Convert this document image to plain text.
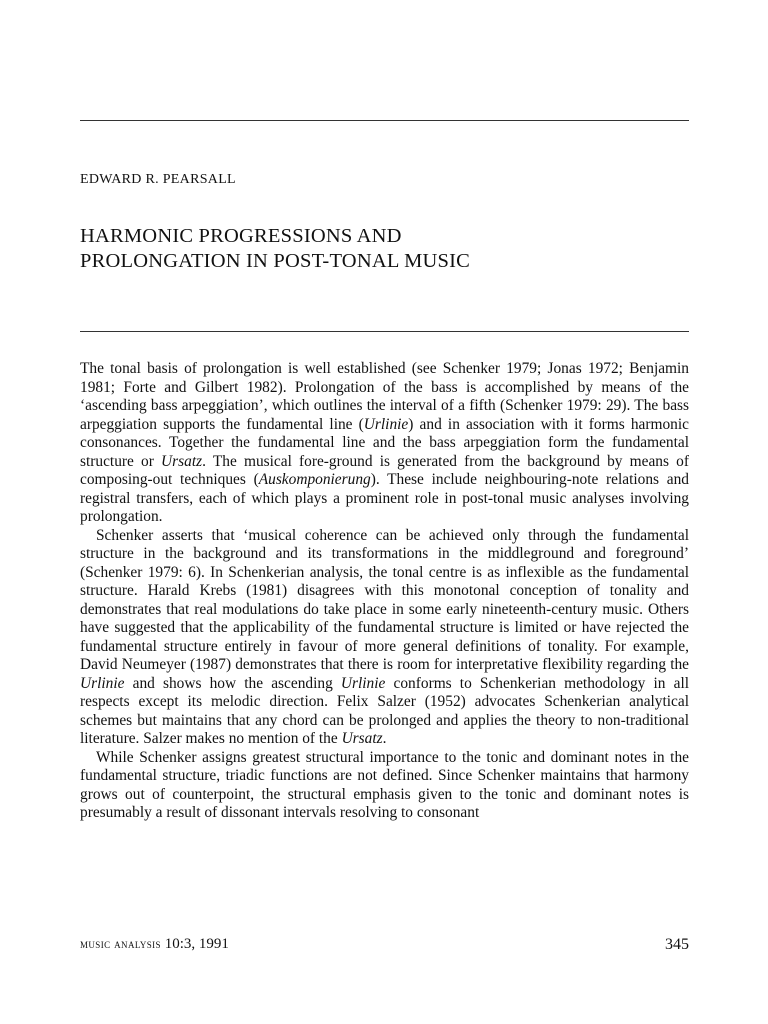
EDWARD R. PEARSALL
HARMONIC PROGRESSIONS AND
PROLONGATION IN POST-TONAL MUSIC

The tonal basis of prolongation is well established (see Schenker 1979; Jonas 1972; Benjamin 1981; Forte and Gilbert 1982). Prolongation of the bass is accomplished by means of the ‘ascending bass arpeggiation’, which outlines the interval of a fifth (Schenker 1979: 29). The bass arpeggiation supports the fundamental line (Urlinie) and in association with it forms harmonic consonances. Together the fundamental line and the bass arpeggiation form the fundamental structure or Ursatz. The musical fore-ground is generated from the background by means of composing-out techniques (Auskomponierung). These include neighbouring-note relations and registral transfers, each of which plays a prominent role in post-tonal music analyses involving prolongation.

Schenker asserts that ‘musical coherence can be achieved only through the fundamental structure in the background and its transformations in the middleground and foreground’ (Schenker 1979: 6). In Schenkerian analysis, the tonal centre is as inflexible as the fundamental structure. Harald Krebs (1981) disagrees with this monotonal conception of tonality and demonstrates that real modulations do take place in some early nineteenth-century music. Others have suggested that the applicability of the fundamental structure is limited or have rejected the fundamental structure entirely in favour of more general definitions of tonality. For example, David Neumeyer (1987) demonstrates that there is room for interpretative flexibility regarding the Urlinie and shows how the ascending Urlinie conforms to Schenkerian methodology in all respects except its melodic direction. Felix Salzer (1952) advocates Schenkerian analytical schemes but maintains that any chord can be prolonged and applies the theory to non-traditional literature. Salzer makes no mention of the Ursatz.

While Schenker assigns greatest structural importance to the tonic and dominant notes in the fundamental structure, triadic functions are not defined. Since Schenker maintains that harmony grows out of counterpoint, the structural emphasis given to the tonic and dominant notes is presumably a result of dissonant intervals resolving to consonant

music analysis 10:3, 1991	345
